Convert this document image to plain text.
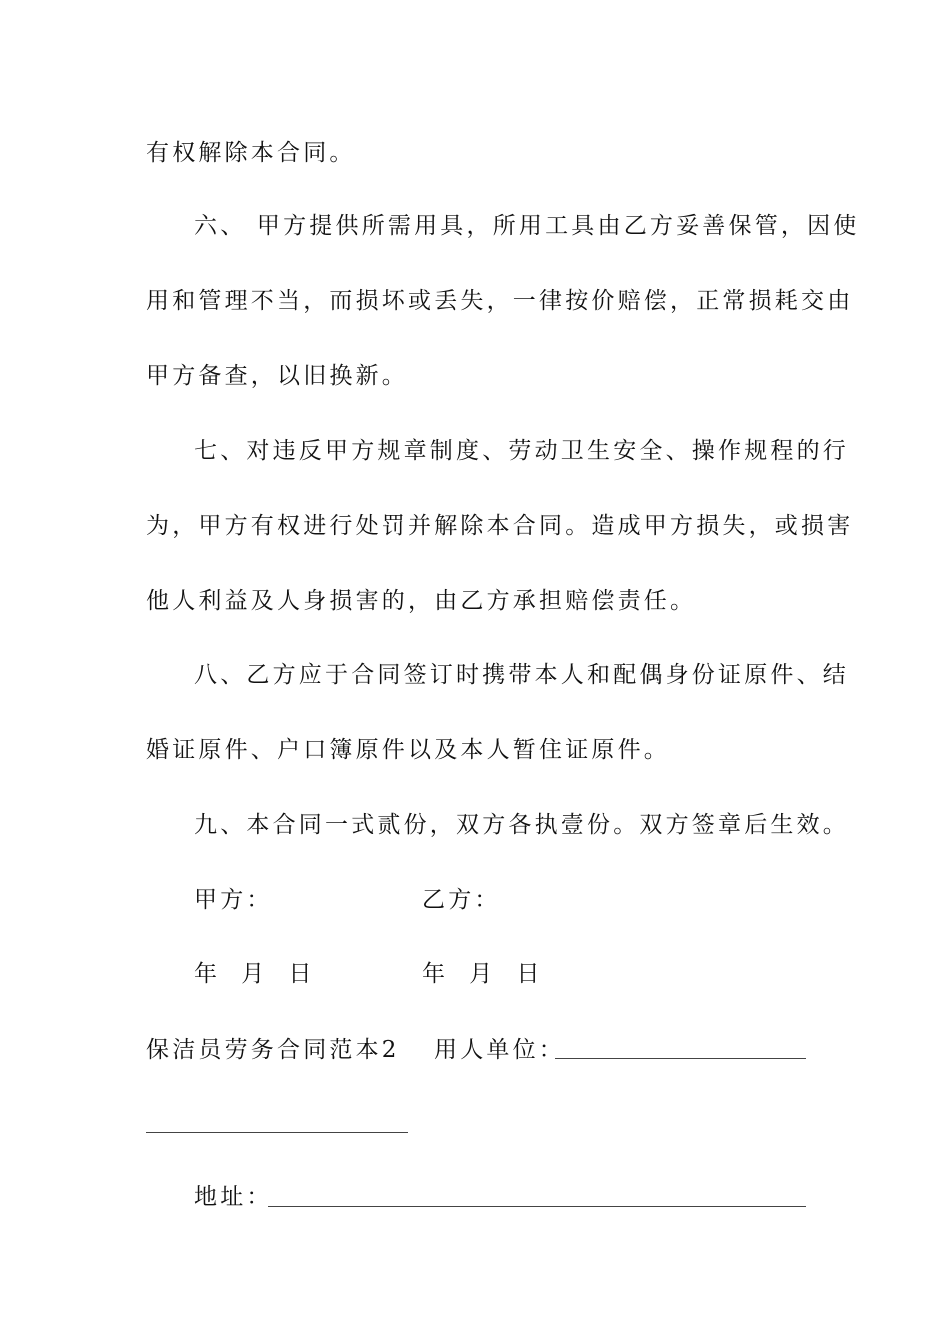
有权解除本合同。
六、 甲方提供所需用具，所用工具由乙方妥善保管，因使
用和管理不当，而损坏或丢失，一律按价赔偿，正常损耗交由
甲方备查，以旧换新。
七、对违反甲方规章制度、劳动卫生安全、操作规程的行
为，甲方有权进行处罚并解除本合同。造成甲方损失，或损害
他人利益及人身损害的，由乙方承担赔偿责任。
八、乙方应于合同签订时携带本人和配偶身份证原件、结
婚证原件、户口簿原件以及本人暂住证原件。
九、本合同一式贰份，双方各执壹份。双方签章后生效。
甲方：	乙方：
年  月  日	年  月  日
保洁员劳务合同范本2 用人单位：
地址：
